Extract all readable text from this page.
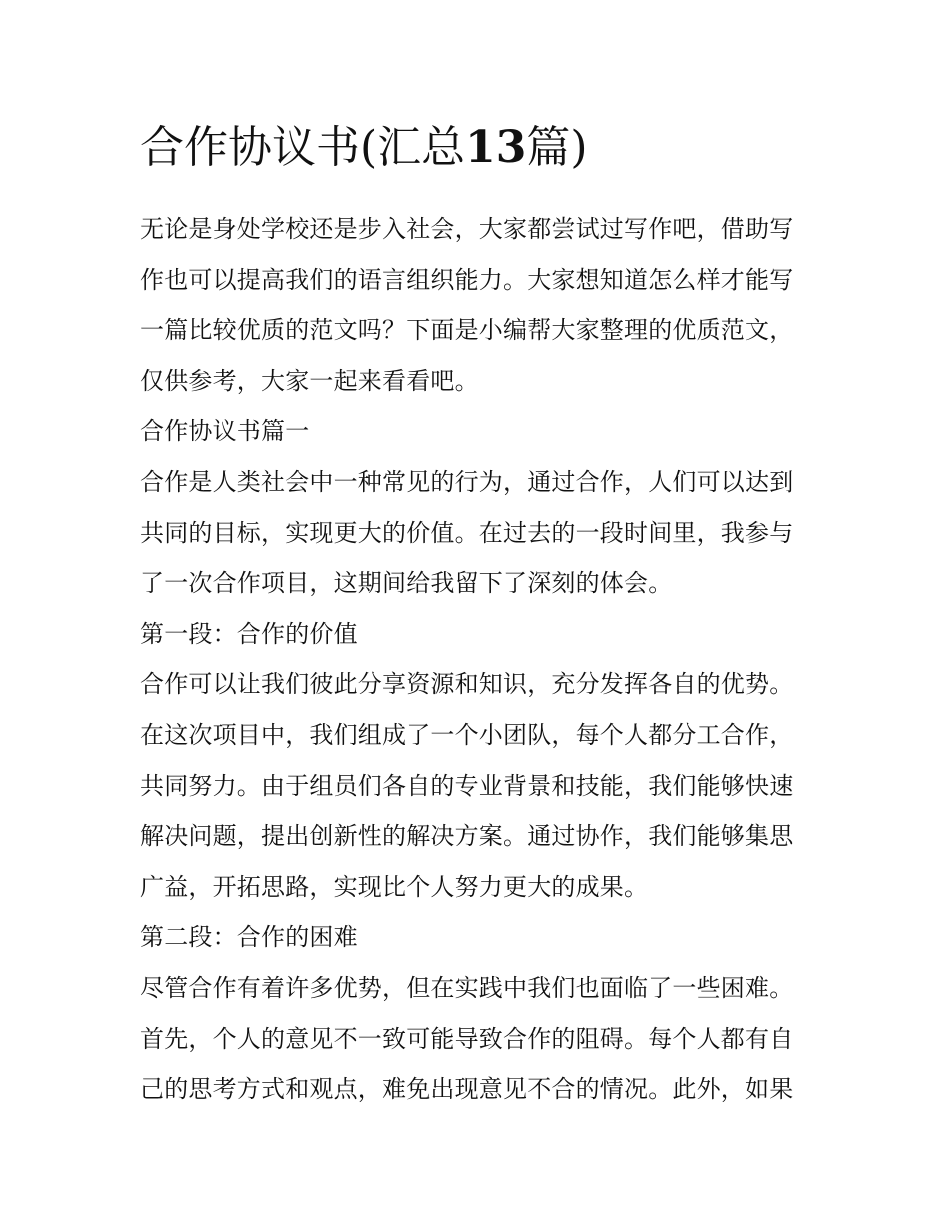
合作协议书(汇总13篇)
无论是身处学校还是步入社会，大家都尝试过写作吧，借助写
作也可以提高我们的语言组织能力。大家想知道怎么样才能写
一篇比较优质的范文吗？下面是小编帮大家整理的优质范文，
仅供参考，大家一起来看看吧。
合作协议书篇一
合作是人类社会中一种常见的行为，通过合作，人们可以达到
共同的目标，实现更大的价值。在过去的一段时间里，我参与
了一次合作项目，这期间给我留下了深刻的体会。
第一段：合作的价值
合作可以让我们彼此分享资源和知识，充分发挥各自的优势。
在这次项目中，我们组成了一个小团队，每个人都分工合作，
共同努力。由于组员们各自的专业背景和技能，我们能够快速
解决问题，提出创新性的解决方案。通过协作，我们能够集思
广益，开拓思路，实现比个人努力更大的成果。
第二段：合作的困难
尽管合作有着许多优势，但在实践中我们也面临了一些困难。
首先，个人的意见不一致可能导致合作的阻碍。每个人都有自
己的思考方式和观点，难免出现意见不合的情况。此外，如果
